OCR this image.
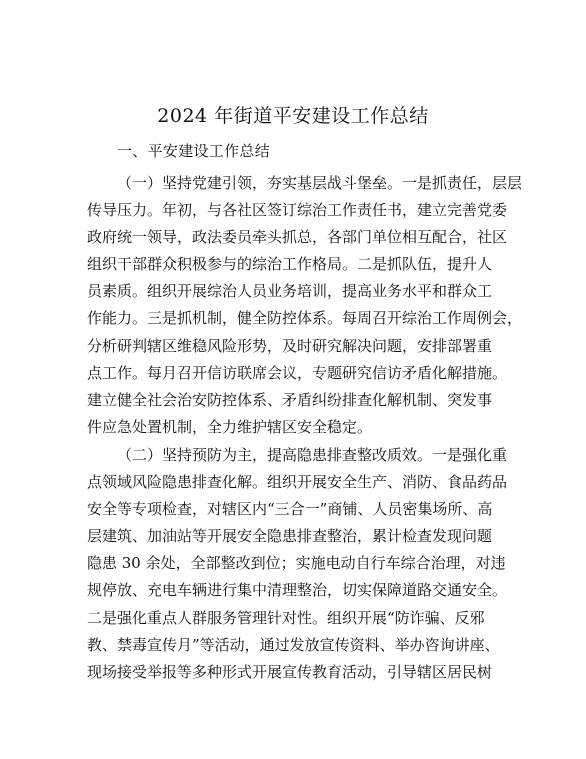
2024 年街道平安建设工作总结
一、平安建设工作总结
（一）坚持党建引领，夯实基层战斗堡垒。一是抓责任，层层
传导压力。年初，与各社区签订综治工作责任书，建立完善党委
政府统一领导，政法委员牵头抓总，各部门单位相互配合，社区
组织干部群众积极参与的综治工作格局。二是抓队伍，提升人
员素质。组织开展综治人员业务培训，提高业务水平和群众工
作能力。三是抓机制，健全防控体系。每周召开综治工作周例会，
分析研判辖区维稳风险形势，及时研究解决问题，安排部署重
点工作。每月召开信访联席会议，专题研究信访矛盾化解措施。
建立健全社会治安防控体系、矛盾纠纷排查化解机制、突发事
件应急处置机制，全力维护辖区安全稳定。
（二）坚持预防为主，提高隐患排查整改质效。一是强化重
点领域风险隐患排查化解。组织开展安全生产、消防、食品药品
安全等专项检查，对辖区内“三合一”商铺、人员密集场所、高
层建筑、加油站等开展安全隐患排查整治，累计检查发现问题
隐患 30 余处，全部整改到位；实施电动自行车综合治理，对违
规停放、充电车辆进行集中清理整治，切实保障道路交通安全。
二是强化重点人群服务管理针对性。组织开展“防诈骗、反邪
教、禁毒宣传月”等活动，通过发放宣传资料、举办咨询讲座、
现场接受举报等多种形式开展宣传教育活动，引导辖区居民树
